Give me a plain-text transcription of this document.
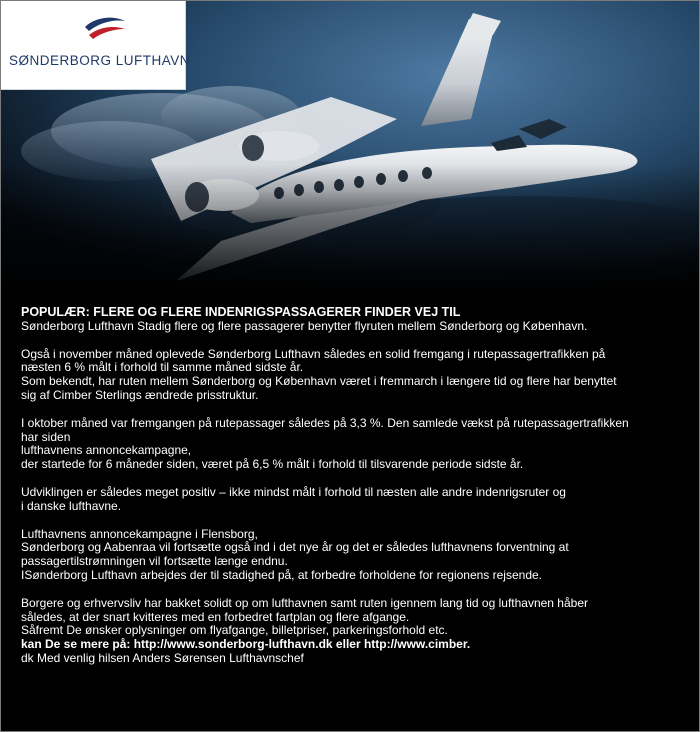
SØNDERBORG LUFTHAVN

POPULÆR: FLERE OG FLERE INDENRIGSPASSAGERER FINDER VEJ TIL

Sønderborg Lufthavn Stadig flere og flere passagerer benytter flyruten mellem Sønderborg og København.

Også i november måned oplevede Sønderborg Lufthavn således en solid fremgang i rutepassagertrafikken på

næsten 6 % målt i forhold til samme måned sidste år.

Som bekendt, har ruten mellem Sønderborg og København været i fremmarch i længere tid og flere har benyttet

sig af Cimber Sterlings ændrede prisstruktur.

I oktober måned var fremgangen på rutepassager således på 3,3 %. Den samlede vækst på rutepassagertrafikken

har siden

lufthavnens annoncekampagne,

der startede for 6 måneder siden, været på 6,5 % målt i forhold til tilsvarende periode sidste år.

Udviklingen er således meget positiv – ikke mindst målt i forhold til næsten alle andre indenrigsruter og

i danske lufthavne.

Lufthavnens annoncekampagne i Flensborg,

Sønderborg og Aabenraa vil fortsætte også ind i det nye år og det er således lufthavnens forventning at

passagertilstrømningen vil fortsætte længe endnu.

ISønderborg Lufthavn arbejdes der til stadighed på, at forbedre forholdene for regionens rejsende.

Borgere og erhvervsliv har bakket solidt op om lufthavnen samt ruten igennem lang tid og lufthavnen håber

således, at der snart kvitteres med en forbedret fartplan og flere afgange.

Såfremt De ønsker oplysninger om flyafgange, billetpriser, parkeringsforhold etc.

kan De se mere på: http://www.sonderborg-lufthavn.dk eller http://www.cimber.

dk Med venlig hilsen Anders Sørensen Lufthavnschef
